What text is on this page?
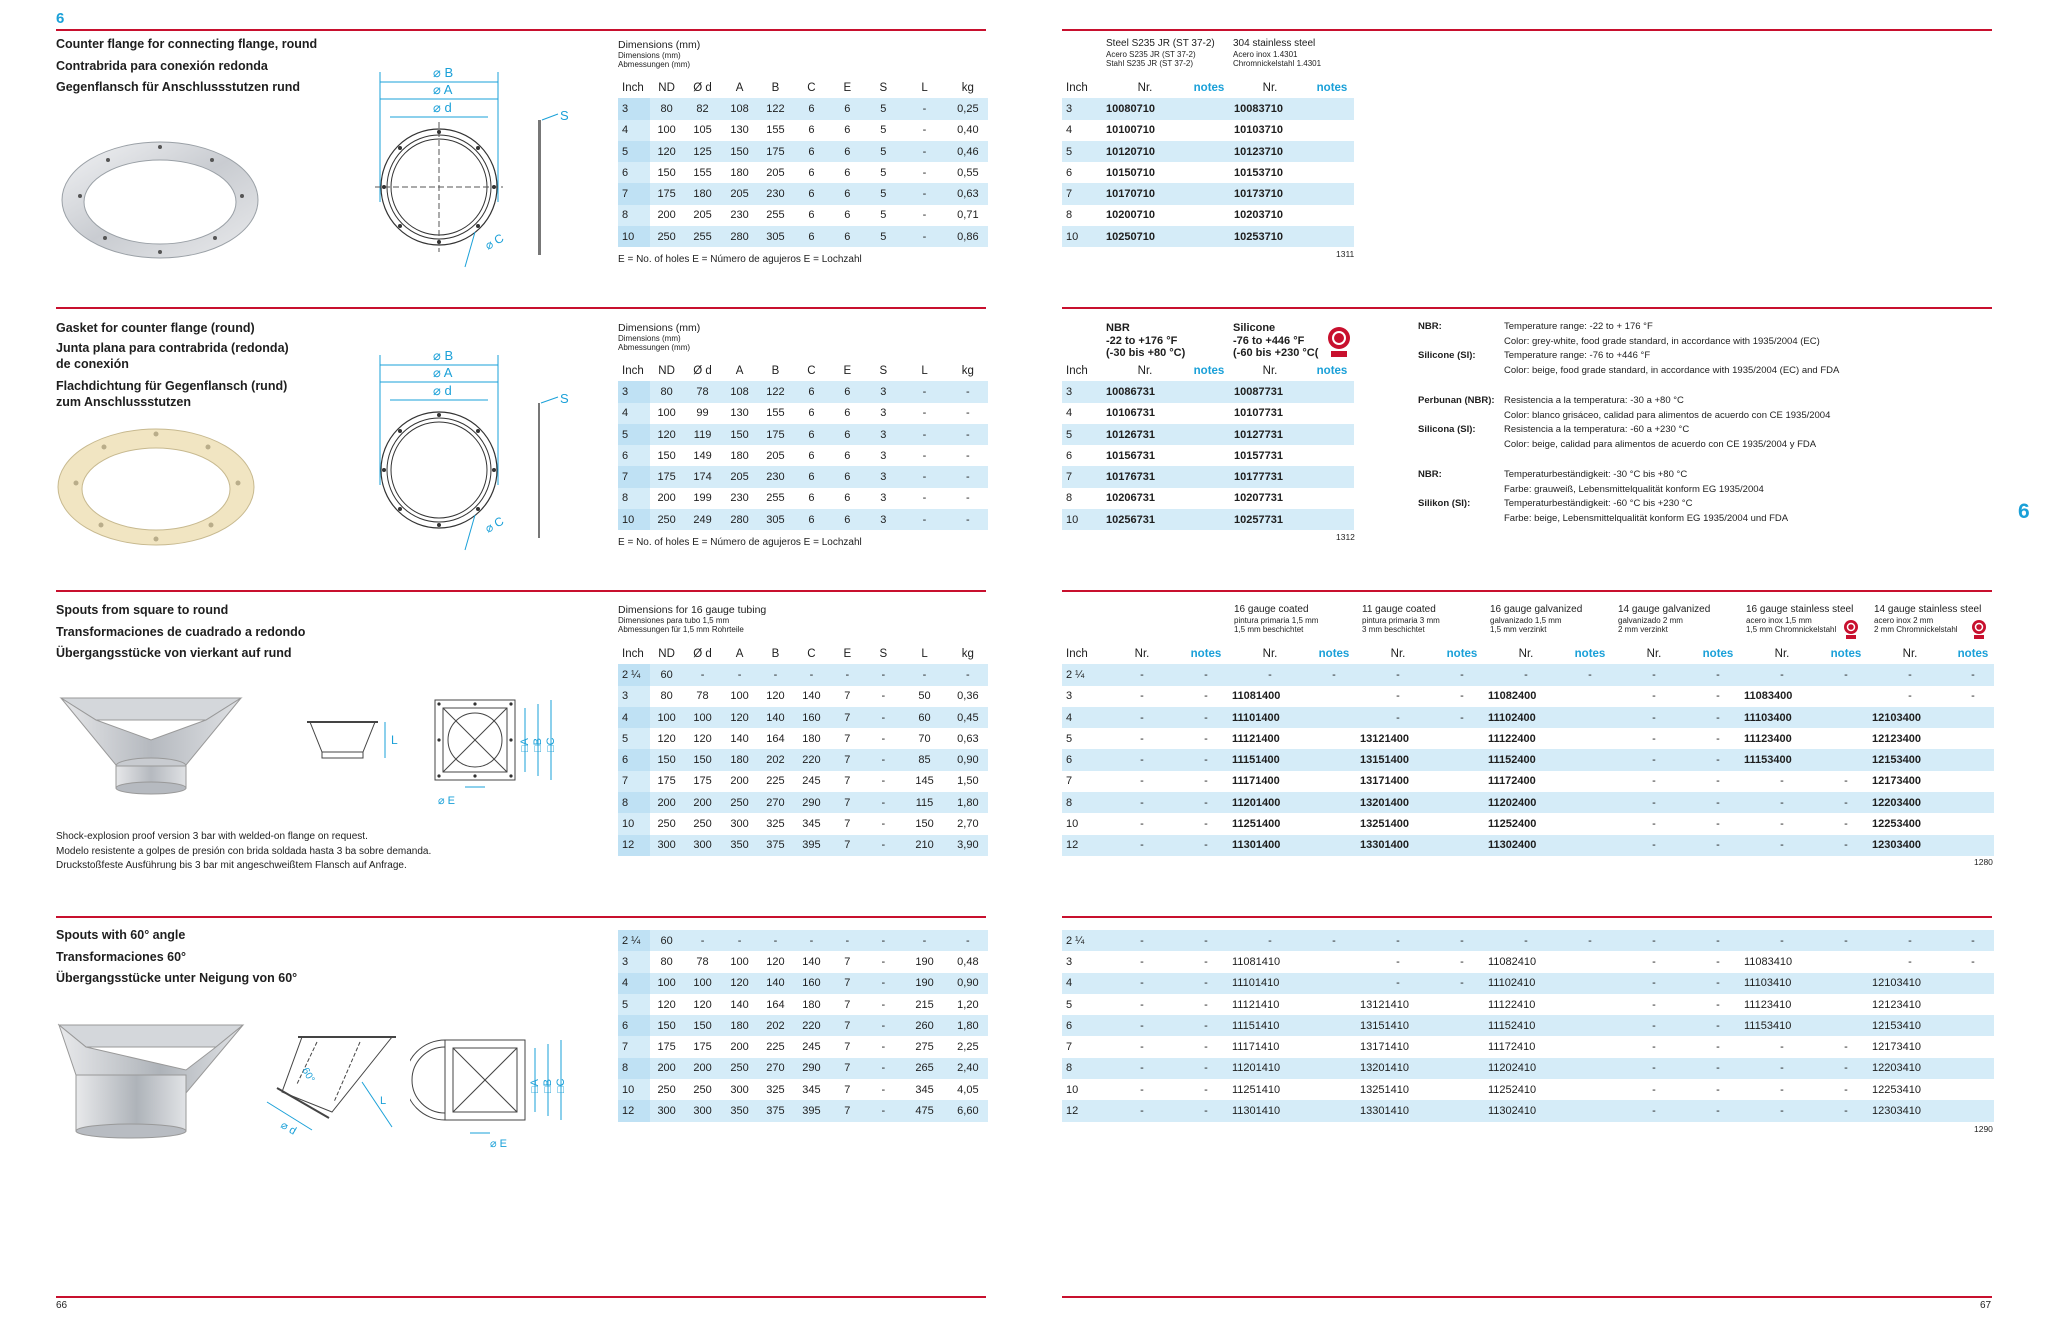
6
6
66	67
Counter flange for connecting flange, round
Contrabrida para conexión redonda
Gegenflansch für Anschlussstutzen rund
⌀ B
⌀ A
⌀ d
⌀ C
S
Dimensions (mm)
Dimensions (mm)
Abmessungen (mm)
Inch	ND	Ø d	A	B	C	E	S	L	kg
3	80	82	108	122	6	6	5	-	0,25
4	100	105	130	155	6	6	5	-	0,40
5	120	125	150	175	6	6	5	-	0,46
6	150	155	180	205	6	6	5	-	0,55
7	175	180	205	230	6	6	5	-	0,63
8	200	205	230	255	6	6	5	-	0,71
10	250	255	280	305	6	6	5	-	0,86
E = No. of holes E = Número de agujeros E = Lochzahl
Steel S235 JR (ST 37-2)
Acero S235 JR (ST 37-2)
Stahl S235 JR (ST 37-2)
304 stainless steel
Acero inox 1.4301
Chromnickelstahl 1.4301
Inch	Nr.	notes	Nr.	notes
3	10080710		10083710	
4	10100710		10103710	
5	10120710		10123710	
6	10150710		10153710	
7	10170710		10173710	
8	10200710		10203710	
10	10250710		10253710	
1311
Gasket for counter flange (round)
Junta plana para contrabrida (redonda)
de conexión
Flachdichtung für Gegenflansch (rund)
zum Anschlussstutzen
⌀ B
⌀ A
⌀ d
⌀ C
S
Dimensions (mm)
Dimensions (mm)
Abmessungen (mm)
Inch	ND	Ø d	A	B	C	E	S	L	kg
3	80	78	108	122	6	6	3	-	-
4	100	99	130	155	6	6	3	-	-
5	120	119	150	175	6	6	3	-	-
6	150	149	180	205	6	6	3	-	-
7	175	174	205	230	6	6	3	-	-
8	200	199	230	255	6	6	3	-	-
10	250	249	280	305	6	6	3	-	-
E = No. of holes E = Número de agujeros E = Lochzahl
NBR
-22 to +176 °F
(-30 bis +80 °C)
Silicone
-76 to +446 °F
(-60 bis +230 °C(
Inch	Nr.	notes	Nr.	notes
3	10086731		10087731	
4	10106731		10107731	
5	10126731		10127731	
6	10156731		10157731	
7	10176731		10177731	
8	10206731		10207731	
10	10256731		10257731	
1312
NBR:	Temperature range: -22 to + 176 °F
Color: grey-white, food grade standard, in accordance with 1935/2004 (EC)
Silicone (SI):	Temperature range: -76 to +446 °F
Color: beige, food grade standard, in accordance with 1935/2004 (EC) and FDA
Perbunan (NBR): Resistencia a la temperatura: -30 a +80 °C
Color: blanco grisáceo, calidad para alimentos de acuerdo con CE 1935/2004
Silicona (SI):	Resistencia a la temperatura: -60 a +230 °C
Color: beige, calidad para alimentos de acuerdo con CE 1935/2004 y FDA
NBR:	Temperaturbeständigkeit: -30 °C bis +80 °C
Farbe: grauweiß, Lebensmittelqualität konform EG 1935/2004
Silikon (SI):	Temperaturbeständigkeit: -60 °C bis +230 °C
Farbe: beige, Lebensmittelqualität konform EG 1935/2004 und FDA
Spouts from square to round
Transformaciones de cuadrado a redondo
Übergangsstücke von vierkant auf rund
L	□A □B □C
⌀ E
Shock-explosion proof version 3 bar with welded-on flange on request.
Modelo resistente a golpes de presión con brida soldada hasta 3 ba sobre demanda.
Druckstoßfeste Ausführung bis 3 bar mit angeschweißtem Flansch auf Anfrage.
Dimensions for 16 gauge tubing
Dimensiones para tubo 1,5 mm
Abmessungen für 1,5 mm Rohrteile
Inch	ND	Ø d	A	B	C	E	S	L	kg
2 ¼	60	-	-	-	-	-	-	-	-
3	80	78	100	120	140	7	-	50	0,36
4	100	100	120	140	160	7	-	60	0,45
5	120	120	140	164	180	7	-	70	0,63
6	150	150	180	202	220	7	-	85	0,90
7	175	175	200	225	245	7	-	145	1,50
8	200	200	250	270	290	7	-	115	1,80
10	250	250	300	325	345	7	-	150	2,70
12	300	300	350	375	395	7	-	210	3,90
16 gauge coated
pintura primaria 1,5 mm
1,5 mm beschichtet
11 gauge coated
pintura primaria 3 mm
3 mm beschichtet
16 gauge galvanized
galvanizado 1,5 mm
1,5 mm verzinkt
14 gauge galvanized
galvanizado 2 mm
2 mm verzinkt
16 gauge stainless steel
acero inox 1,5 mm
1,5 mm Chromnickelstahl
14 gauge stainless steel
acero inox 2 mm
2 mm Chromnickelstahl
Inch	Nr.	notes	Nr.	notes	Nr.	notes	Nr.	notes	Nr.	notes	Nr.	notes	Nr.	notes
2 ¼	-	-	-	-	-	-	-	-	-	-	-	-	-	-
3	-	-	11081400		-	-	11082400		-	-	11083400		-	-
4	-	-	11101400		-	-	11102400		-	-	11103400		12103400	
5	-	-	11121400		13121400		11122400		-	-	11123400		12123400	
6	-	-	11151400		13151400		11152400		-	-	11153400		12153400	
7	-	-	11171400		13171400		11172400		-	-	-	-	12173400	
8	-	-	11201400		13201400		11202400		-	-	-	-	12203400	
10	-	-	11251400		13251400		11252400		-	-	-	-	12253400	
12	-	-	11301400		13301400		11302400		-	-	-	-	12303400	
1280
Spouts with 60° angle
Transformaciones 60°
Übergangsstücke unter Neigung von 60°
60°
⌀ d
L
□A □B □C
⌀ E
2 ¼	60	-	-	-	-	-	-	-	-
3	80	78	100	120	140	7	-	190	0,48
4	100	100	120	140	160	7	-	190	0,90
5	120	120	140	164	180	7	-	215	1,20
6	150	150	180	202	220	7	-	260	1,80
7	175	175	200	225	245	7	-	275	2,25
8	200	200	250	270	290	7	-	265	2,40
10	250	250	300	325	345	7	-	345	4,05
12	300	300	350	375	395	7	-	475	6,60
2 ¼	-	-	-	-	-	-	-	-	-	-	-	-	-	-
3	-	-	11081410		-	-	11082410		-	-	11083410		-	-
4	-	-	11101410		-	-	11102410		-	-	11103410		12103410	
5	-	-	11121410		13121410		11122410		-	-	11123410		12123410	
6	-	-	11151410		13151410		11152410		-	-	11153410		12153410	
7	-	-	11171410		13171410		11172410		-	-	-	-	12173410	
8	-	-	11201410		13201410		11202410		-	-	-	-	12203410	
10	-	-	11251410		13251410		11252410		-	-	-	-	12253410	
12	-	-	11301410		13301410		11302410		-	-	-	-	12303410	
1290
